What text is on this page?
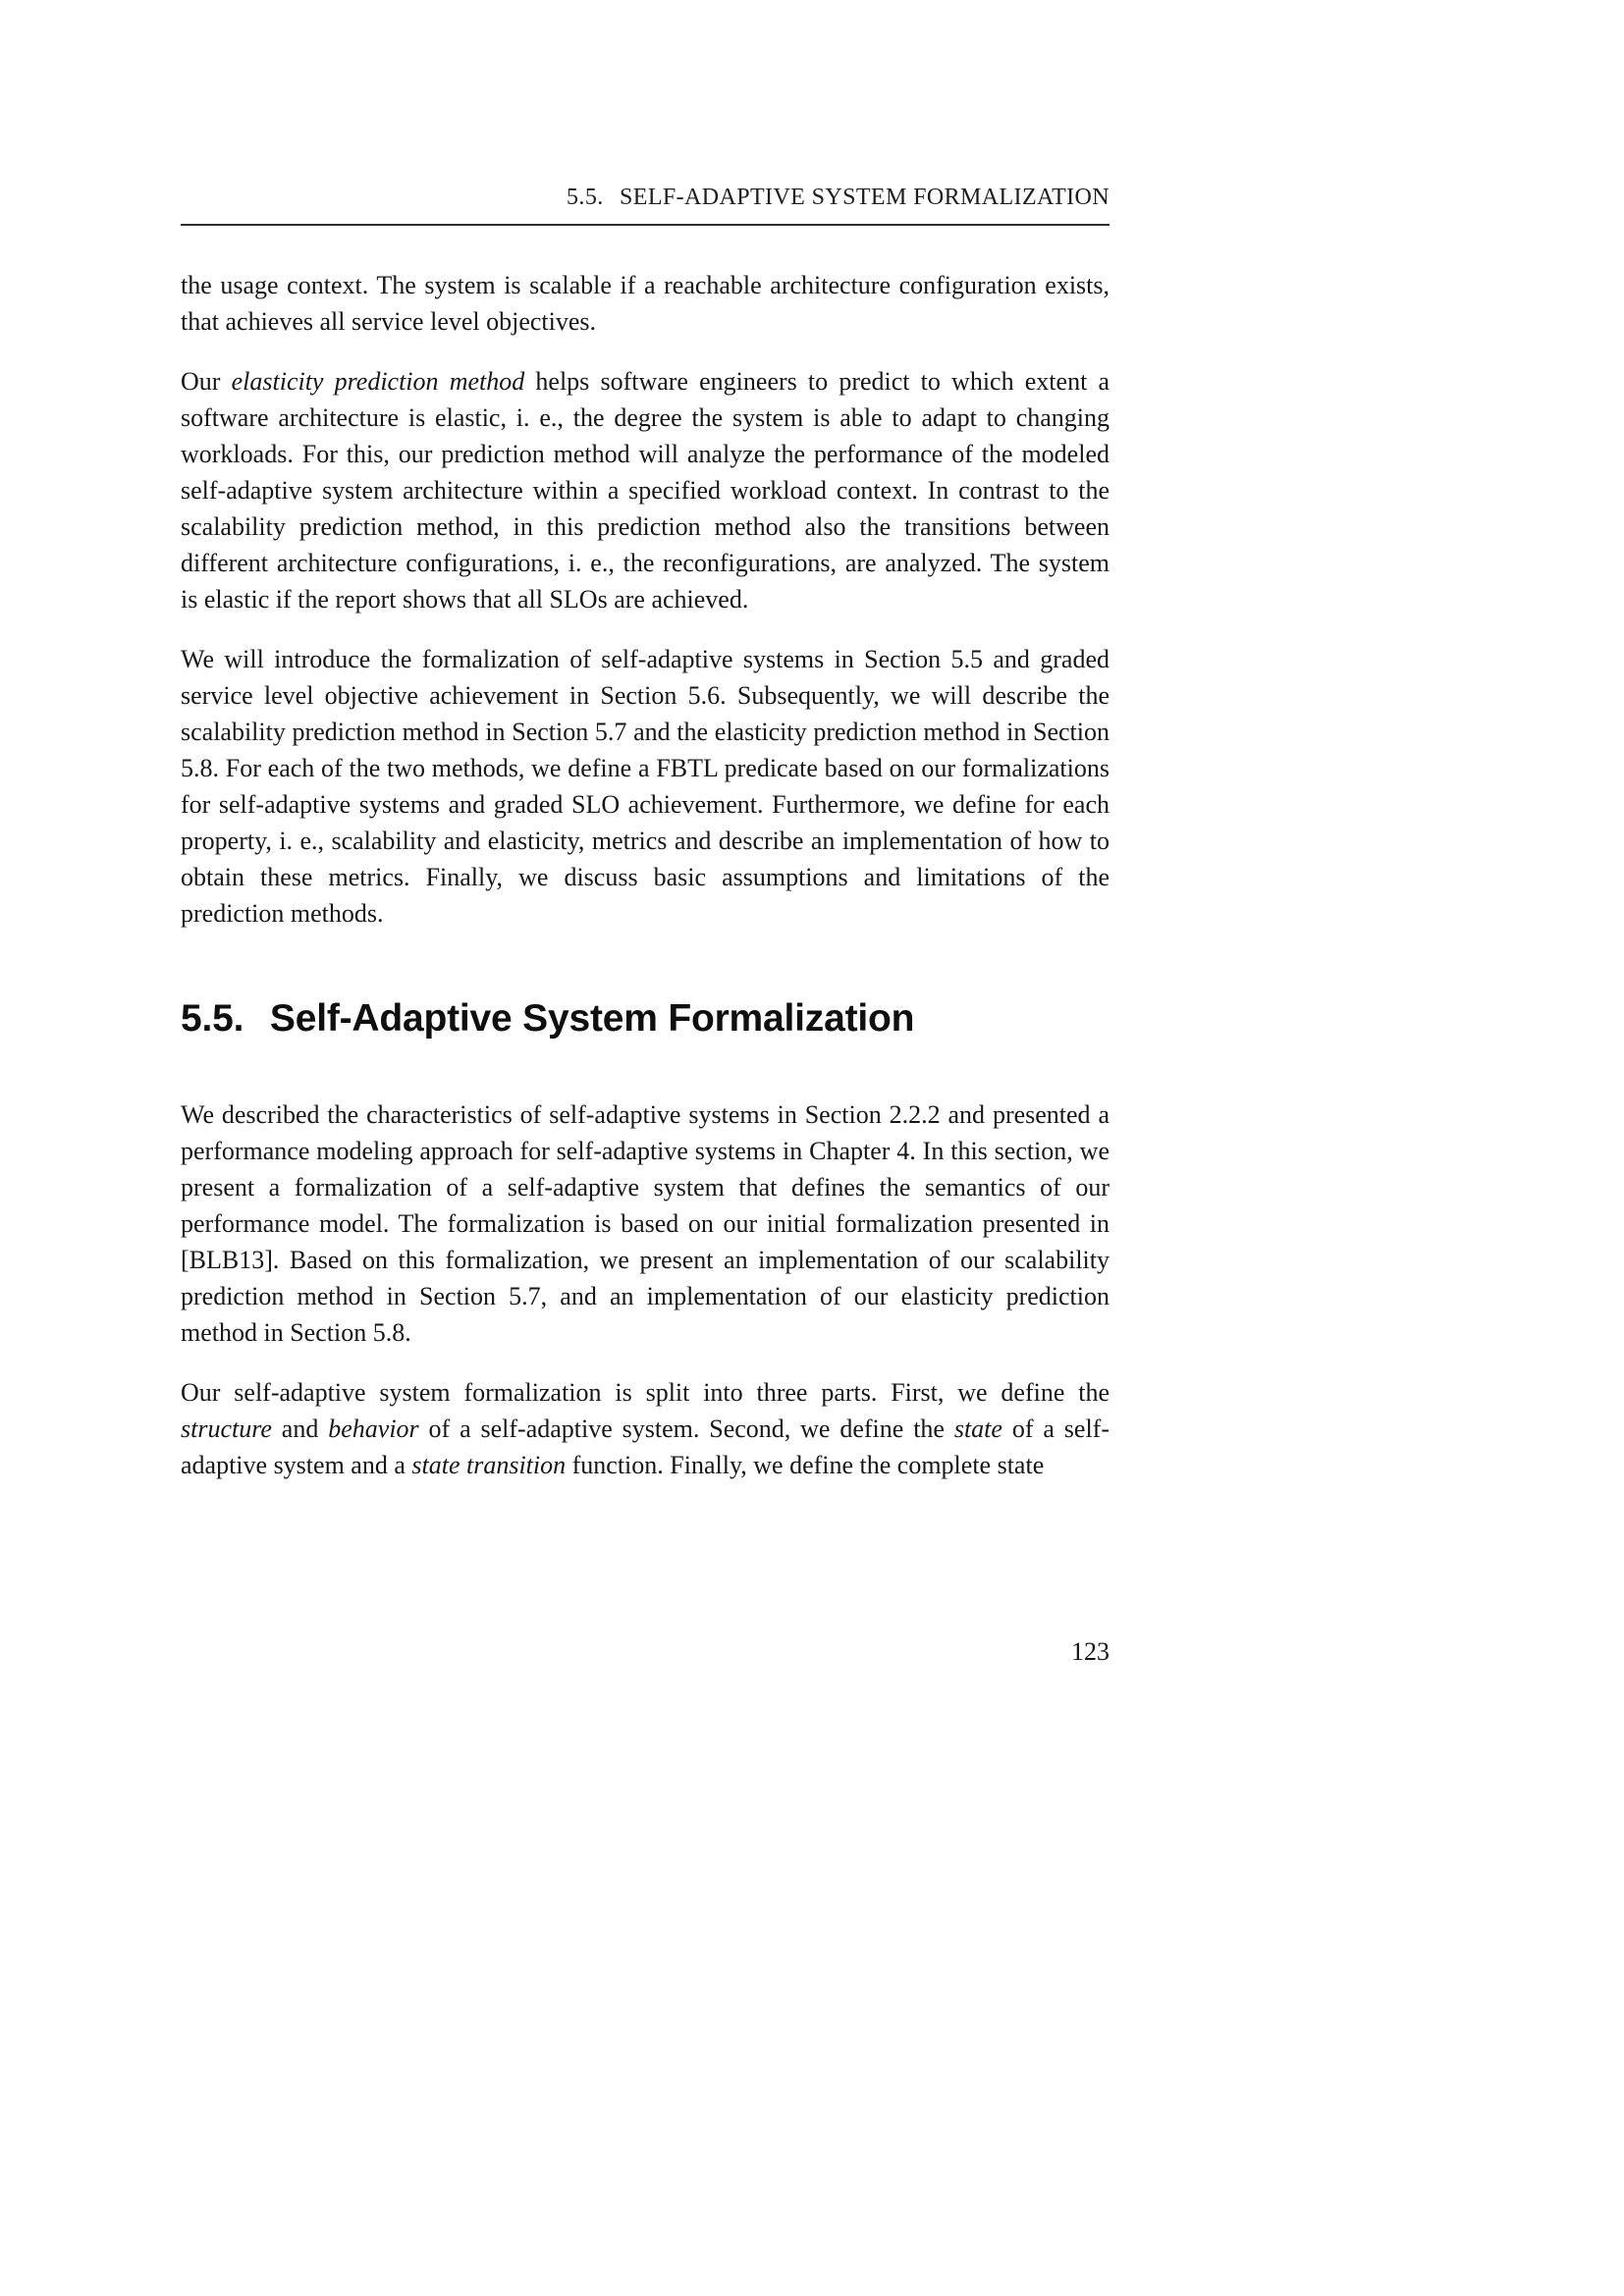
5.5. SELF-ADAPTIVE SYSTEM FORMALIZATION

the usage context. The system is scalable if a reachable architecture configuration exists, that achieves all service level objectives.

Our elasticity prediction method helps software engineers to predict to which extent a software architecture is elastic, i. e., the degree the system is able to adapt to changing workloads. For this, our prediction method will analyze the performance of the modeled self-adaptive system architecture within a specified workload context. In contrast to the scalability prediction method, in this prediction method also the transitions between different architecture configurations, i. e., the reconfigurations, are analyzed. The system is elastic if the report shows that all SLOs are achieved.

We will introduce the formalization of self-adaptive systems in Section 5.5 and graded service level objective achievement in Section 5.6. Subsequently, we will describe the scalability prediction method in Section 5.7 and the elasticity prediction method in Section 5.8. For each of the two methods, we define a FBTL predicate based on our formalizations for self-adaptive systems and graded SLO achievement. Furthermore, we define for each property, i. e., scalability and elasticity, metrics and describe an implementation of how to obtain these metrics. Finally, we discuss basic assumptions and limitations of the prediction methods.

5.5. Self-Adaptive System Formalization

We described the characteristics of self-adaptive systems in Section 2.2.2 and presented a performance modeling approach for self-adaptive systems in Chapter 4. In this section, we present a formalization of a self-adaptive system that defines the semantics of our performance model. The formalization is based on our initial formalization presented in [BLB13]. Based on this formalization, we present an implementation of our scalability prediction method in Section 5.7, and an implementation of our elasticity prediction method in Section 5.8.

Our self-adaptive system formalization is split into three parts. First, we define the structure and behavior of a self-adaptive system. Second, we define the state of a self-adaptive system and a state transition function. Finally, we define the complete state

123
